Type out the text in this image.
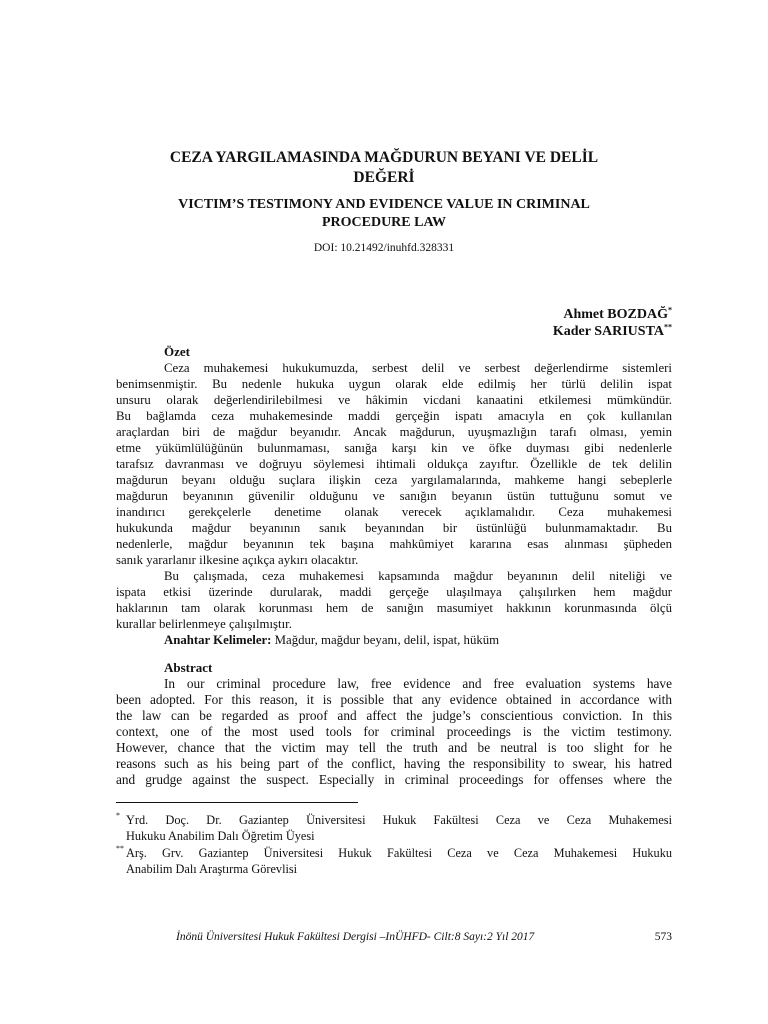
CEZA YARGILAMASINDA MAĞDURUN BEYANI VE DELİL
DEĞERİ
VICTIM’S TESTIMONY AND EVIDENCE VALUE IN CRIMINAL
PROCEDURE LAW
DOI: 10.21492/inuhfd.328331
Ahmet BOZDAĞ*
Kader SARIUSTA**
Özet
Ceza muhakemesi hukukumuzda, serbest delil ve serbest değerlendirme sistemleri
benimsenmiştir. Bu nedenle hukuka uygun olarak elde edilmiş her türlü delilin ispat
unsuru olarak değerlendirilebilmesi ve hâkimin vicdani kanaatini etkilemesi mümkündür.
Bu bağlamda ceza muhakemesinde maddi gerçeğin ispatı amacıyla en çok kullanılan
araçlardan biri de mağdur beyanıdır. Ancak mağdurun, uyuşmazlığın tarafı olması, yemin
etme yükümlülüğünün bulunmaması, sanığa karşı kin ve öfke duyması gibi nedenlerle
tarafsız davranması ve doğruyu söylemesi ihtimali oldukça zayıftır. Özellikle de tek delilin
mağdurun beyanı olduğu suçlara ilişkin ceza yargılamalarında, mahkeme hangi sebeplerle
mağdurun beyanının güvenilir olduğunu ve sanığın beyanın üstün tuttuğunu somut ve
inandırıcı gerekçelerle denetime olanak verecek açıklamalıdır. Ceza muhakemesi
hukukunda mağdur beyanının sanık beyanından bir üstünlüğü bulunmamaktadır. Bu
nedenlerle, mağdur beyanının tek başına mahkûmiyet kararına esas alınması şüpheden
sanık yararlanır ilkesine açıkça aykırı olacaktır.
Bu çalışmada, ceza muhakemesi kapsamında mağdur beyanının delil niteliği ve
ispata etkisi üzerinde durularak, maddi gerçeğe ulaşılmaya çalışılırken hem mağdur
haklarının tam olarak korunması hem de sanığın masumiyet hakkının korunmasında ölçü
kurallar belirlenmeye çalışılmıştır.
Anahtar Kelimeler: Mağdur, mağdur beyanı, delil, ispat, hüküm
Abstract
In our criminal procedure law, free evidence and free evaluation systems have
been adopted. For this reason, it is possible that any evidence obtained in accordance with
the law can be regarded as proof and affect the judge’s conscientious conviction. In this
context, one of the most used tools for criminal proceedings is the victim testimony.
However, chance that the victim may tell the truth and be neutral is too slight for he
reasons such as his being part of the conflict, having the responsibility to swear, his hatred
and grudge against the suspect. Especially in criminal proceedings for offenses where the
* Yrd. Doç. Dr. Gaziantep Üniversitesi Hukuk Fakültesi Ceza ve Ceza Muhakemesi
Hukuku Anabilim Dalı Öğretim Üyesi
** Arş. Grv. Gaziantep Üniversitesi Hukuk Fakültesi Ceza ve Ceza Muhakemesi Hukuku
Anabilim Dalı Araştırma Görevlisi
İnönü Üniversitesi Hukuk Fakültesi Dergisi –InÜHFD- Cilt:8 Sayı:2 Yıl 2017	573
